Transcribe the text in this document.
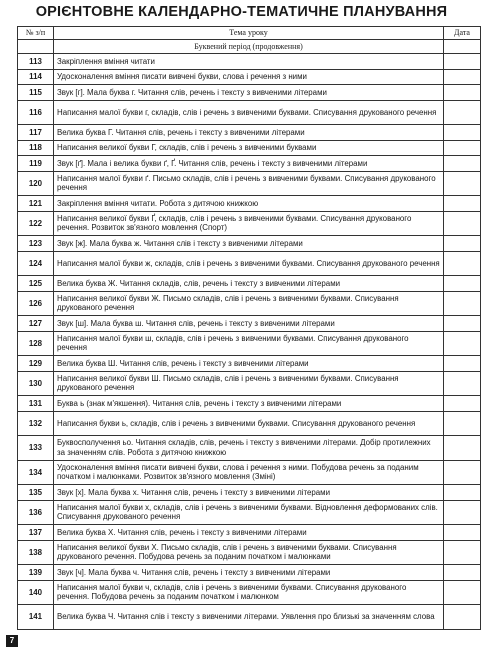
ОРІЄНТОВНЕ КАЛЕНДАРНО-ТЕМАТИЧНЕ ПЛАНУВАННЯ
№ з/п	Тема уроку	Дата
	Буквений період (продовження)	
113	Закріплення вміння читати	
114	Удосконалення вміння писати вивчені букви, слова і речення з ними	
115	Звук [г]. Мала буква г. Читання слів, речень і тексту з вивченими літерами	
116	Написання малої букви г, складів, слів і речень з вивченими буквами. Списування друкованого речення	
117	Велика буква Г. Читання слів, речень і тексту з вивченими літерами	
118	Написання великої букви Г, складів, слів і речень з вивченими буквами	
119	Звук [ґ]. Мала і велика букви ґ, Ґ. Читання слів, речень і тексту з вивченими літерами	
120	Написання малої букви ґ. Письмо складів, слів і речень з вивченими буквами. Списування друкованого речення	
121	Закріплення вміння читати. Робота з дитячою книжкою	
122	Написання великої букви Ґ, складів, слів і речень з вивченими буквами. Списування друкованого речення. Розвиток зв'язного мовлення (Спорт)	
123	Звук [ж]. Мала буква ж. Читання слів і тексту з вивченими літерами	
124	Написання малої букви ж, складів, слів і речень з вивченими буквами. Списування друкованого речення	
125	Велика буква Ж. Читання складів, слів, речень і тексту з вивченими літерами	
126	Написання великої букви Ж. Письмо складів, слів і речень з вивченими буквами. Списування друкованого речення	
127	Звук [ш]. Мала буква ш. Читання слів, речень і тексту з вивченими літерами	
128	Написання малої букви ш, складів, слів і речень з вивченими буквами. Списування друкованого речення	
129	Велика буква Ш. Читання слів, речень і тексту з вивченими літерами	
130	Написання великої букви Ш. Письмо складів, слів і речень з вивченими буквами. Списування друкованого речення	
131	Буква ь (знак м'якшення). Читання слів, речень і тексту з вивченими літерами	
132	Написання букви ь, складів, слів і речень з вивченими буквами. Списування друкованого речення	
133	Буквосполучення ьо. Читання складів, слів, речень і тексту з вивченими літерами. Добір протилежних за значенням слів. Робота з дитячою книжкою	
134	Удосконалення вміння писати вивчені букви, слова і речення з ними. Побудова речень за поданим початком і малюнками. Розвиток зв'язного мовлення (Зміні)	
135	Звук [х]. Мала буква х. Читання слів, речень і тексту з вивченими літерами	
136	Написання малої букви х, складів, слів і речень з вивченими буквами. Відновлення деформованих слів. Списування друкованого речення	
137	Велика буква Х. Читання слів, речень і тексту з вивченими літерами	
138	Написання великої букви Х. Письмо складів, слів і речень з вивченими буквами. Списування друкованого речення. Побудова речень за поданим початком і малюнками	
139	Звук [ч]. Мала буква ч. Читання слів, речень і тексту з вивченими літерами	
140	Написання малої букви ч, складів, слів і речень з вивченими буквами. Списування друкованого речення. Побудова речень за поданим початком і малюнком	
141	Велика буква Ч. Читання слів і тексту з вивченими літерами. Уявлення про близькі за значенням слова	
7
